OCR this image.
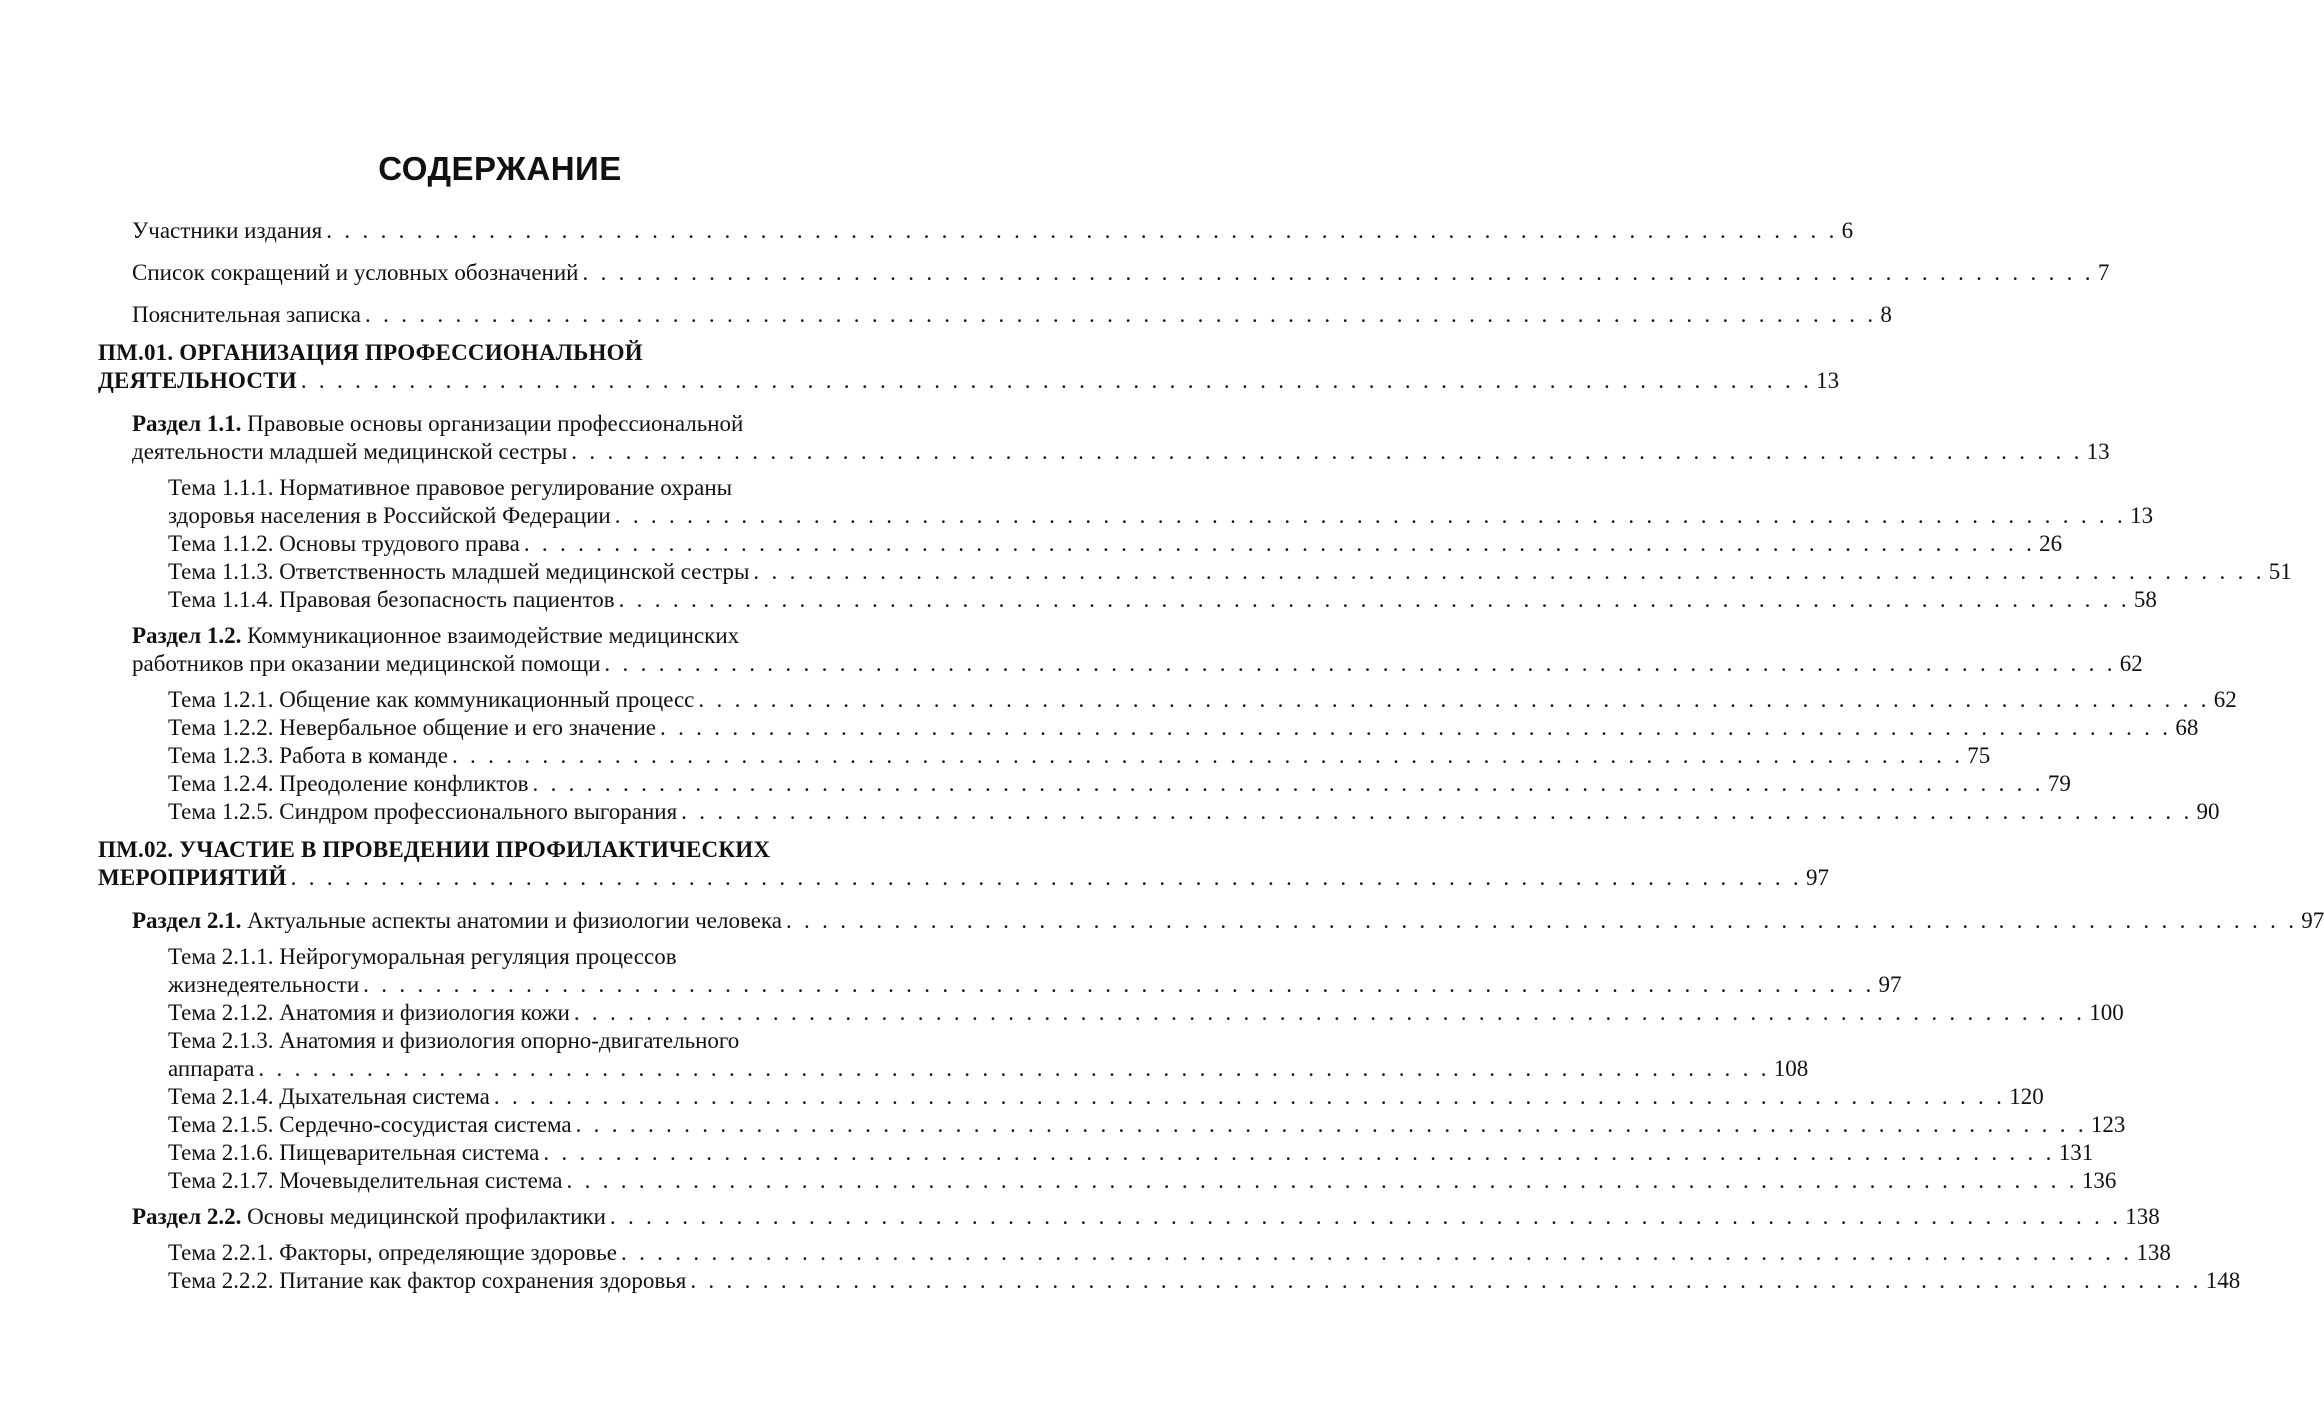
СОДЕРЖАНИЕ
Участники издания . . . . . . . . . . . . . . . . . . . . . . . . . . . . . . . . . . . . . . . . . . . . . . . . . . . . . . . . . . . . . . . . . . . . . . . . . . . . . . . . . . . . 6
Список сокращений и условных обозначений . . . . . . . . . . . . . . . . . . . . . . . . . . . . . . . . . . . . . . . . . . . . . . . . . . . . . . . . . . . . . . . . . . . . . . . . . . . . . . . . . . . . 7
Пояснительная записка . . . . . . . . . . . . . . . . . . . . . . . . . . . . . . . . . . . . . . . . . . . . . . . . . . . . . . . . . . . . . . . . . . . . . . . . . . . . . . . . . . . . 8
ПМ.01. ОРГАНИЗАЦИЯ ПРОФЕССИОНАЛЬНОЙ
ДЕЯТЕЛЬНОСТИ . . . . . . . . . . . . . . . . . . . . . . . . . . . . . . . . . . . . . . . . . . . . . . . . . . . . . . . . . . . . . . . . . . . . . . . . . . . . . . . . . . . . 13
Раздел 1.1. Правовые основы организации профессиональной
деятельности младшей медицинской сестры . . . . . . . . . . . . . . . . . . . . . . . . . . . . . . . . . . . . . . . . . . . . . . . . . . . . . . . . . . . . . . . . . . . . . . . . . . . . . . . . . . . . 13
Тема 1.1.1. Нормативное правовое регулирование охраны
здоровья населения в Российской Федерации . . . . . . . . . . . . . . . . . . . . . . . . . . . . . . . . . . . . . . . . . . . . . . . . . . . . . . . . . . . . . . . . . . . . . . . . . . . . . . . . . . . . 13
Тема 1.1.2. Основы трудового права . . . . . . . . . . . . . . . . . . . . . . . . . . . . . . . . . . . . . . . . . . . . . . . . . . . . . . . . . . . . . . . . . . . . . . . . . . . . . . . . . . . . 26
Тема 1.1.3. Ответственность младшей медицинской сестры . . . . . . . . . . . . . . . . . . . . . . . . . . . . . . . . . . . . . . . . . . . . . . . . . . . . . . . . . . . . . . . . . . . . . . . . . . . . . . . . . . . . 51
Тема 1.1.4. Правовая безопасность пациентов . . . . . . . . . . . . . . . . . . . . . . . . . . . . . . . . . . . . . . . . . . . . . . . . . . . . . . . . . . . . . . . . . . . . . . . . . . . . . . . . . . . . 58
Раздел 1.2. Коммуникационное взаимодействие медицинских
работников при оказании медицинской помощи . . . . . . . . . . . . . . . . . . . . . . . . . . . . . . . . . . . . . . . . . . . . . . . . . . . . . . . . . . . . . . . . . . . . . . . . . . . . . . . . . . . . 62
Тема 1.2.1. Общение как коммуникационный процесс . . . . . . . . . . . . . . . . . . . . . . . . . . . . . . . . . . . . . . . . . . . . . . . . . . . . . . . . . . . . . . . . . . . . . . . . . . . . . . . . . . . . 62
Тема 1.2.2. Невербальное общение и его значение . . . . . . . . . . . . . . . . . . . . . . . . . . . . . . . . . . . . . . . . . . . . . . . . . . . . . . . . . . . . . . . . . . . . . . . . . . . . . . . . . . . . 68
Тема 1.2.3. Работа в команде . . . . . . . . . . . . . . . . . . . . . . . . . . . . . . . . . . . . . . . . . . . . . . . . . . . . . . . . . . . . . . . . . . . . . . . . . . . . . . . . . . . . 75
Тема 1.2.4. Преодоление конфликтов . . . . . . . . . . . . . . . . . . . . . . . . . . . . . . . . . . . . . . . . . . . . . . . . . . . . . . . . . . . . . . . . . . . . . . . . . . . . . . . . . . . . 79
Тема 1.2.5. Синдром профессионального выгорания . . . . . . . . . . . . . . . . . . . . . . . . . . . . . . . . . . . . . . . . . . . . . . . . . . . . . . . . . . . . . . . . . . . . . . . . . . . . . . . . . . . . 90
ПМ.02. УЧАСТИЕ В ПРОВЕДЕНИИ ПРОФИЛАКТИЧЕСКИХ
МЕРОПРИЯТИЙ . . . . . . . . . . . . . . . . . . . . . . . . . . . . . . . . . . . . . . . . . . . . . . . . . . . . . . . . . . . . . . . . . . . . . . . . . . . . . . . . . . . . 97
Раздел 2.1. Актуальные аспекты анатомии и физиологии человека . . . . . . . . . . . . . . . . . . . . . . . . . . . . . . . . . . . . . . . . . . . . . . . . . . . . . . . . . . . . . . . . . . . . . . . . . . . . . . . . . . . . 97
Тема 2.1.1. Нейрогуморальная регуляция процессов
жизнедеятельности . . . . . . . . . . . . . . . . . . . . . . . . . . . . . . . . . . . . . . . . . . . . . . . . . . . . . . . . . . . . . . . . . . . . . . . . . . . . . . . . . . . . 97
Тема 2.1.2. Анатомия и физиология кожи . . . . . . . . . . . . . . . . . . . . . . . . . . . . . . . . . . . . . . . . . . . . . . . . . . . . . . . . . . . . . . . . . . . . . . . . . . . . . . . . . . . . 100
Тема 2.1.3. Анатомия и физиология опорно-двигательного
аппарата . . . . . . . . . . . . . . . . . . . . . . . . . . . . . . . . . . . . . . . . . . . . . . . . . . . . . . . . . . . . . . . . . . . . . . . . . . . . . . . . . . . . 108
Тема 2.1.4. Дыхательная система . . . . . . . . . . . . . . . . . . . . . . . . . . . . . . . . . . . . . . . . . . . . . . . . . . . . . . . . . . . . . . . . . . . . . . . . . . . . . . . . . . . . 120
Тема 2.1.5. Сердечно-сосудистая система . . . . . . . . . . . . . . . . . . . . . . . . . . . . . . . . . . . . . . . . . . . . . . . . . . . . . . . . . . . . . . . . . . . . . . . . . . . . . . . . . . . . 123
Тема 2.1.6. Пищеварительная система . . . . . . . . . . . . . . . . . . . . . . . . . . . . . . . . . . . . . . . . . . . . . . . . . . . . . . . . . . . . . . . . . . . . . . . . . . . . . . . . . . . . 131
Тема 2.1.7. Мочевыделительная система . . . . . . . . . . . . . . . . . . . . . . . . . . . . . . . . . . . . . . . . . . . . . . . . . . . . . . . . . . . . . . . . . . . . . . . . . . . . . . . . . . . . 136
Раздел 2.2. Основы медицинской профилактики . . . . . . . . . . . . . . . . . . . . . . . . . . . . . . . . . . . . . . . . . . . . . . . . . . . . . . . . . . . . . . . . . . . . . . . . . . . . . . . . . . . . 138
Тема 2.2.1. Факторы, определяющие здоровье . . . . . . . . . . . . . . . . . . . . . . . . . . . . . . . . . . . . . . . . . . . . . . . . . . . . . . . . . . . . . . . . . . . . . . . . . . . . . . . . . . . . 138
Тема 2.2.2. Питание как фактор сохранения здоровья . . . . . . . . . . . . . . . . . . . . . . . . . . . . . . . . . . . . . . . . . . . . . . . . . . . . . . . . . . . . . . . . . . . . . . . . . . . . . . . . . . . . 148
